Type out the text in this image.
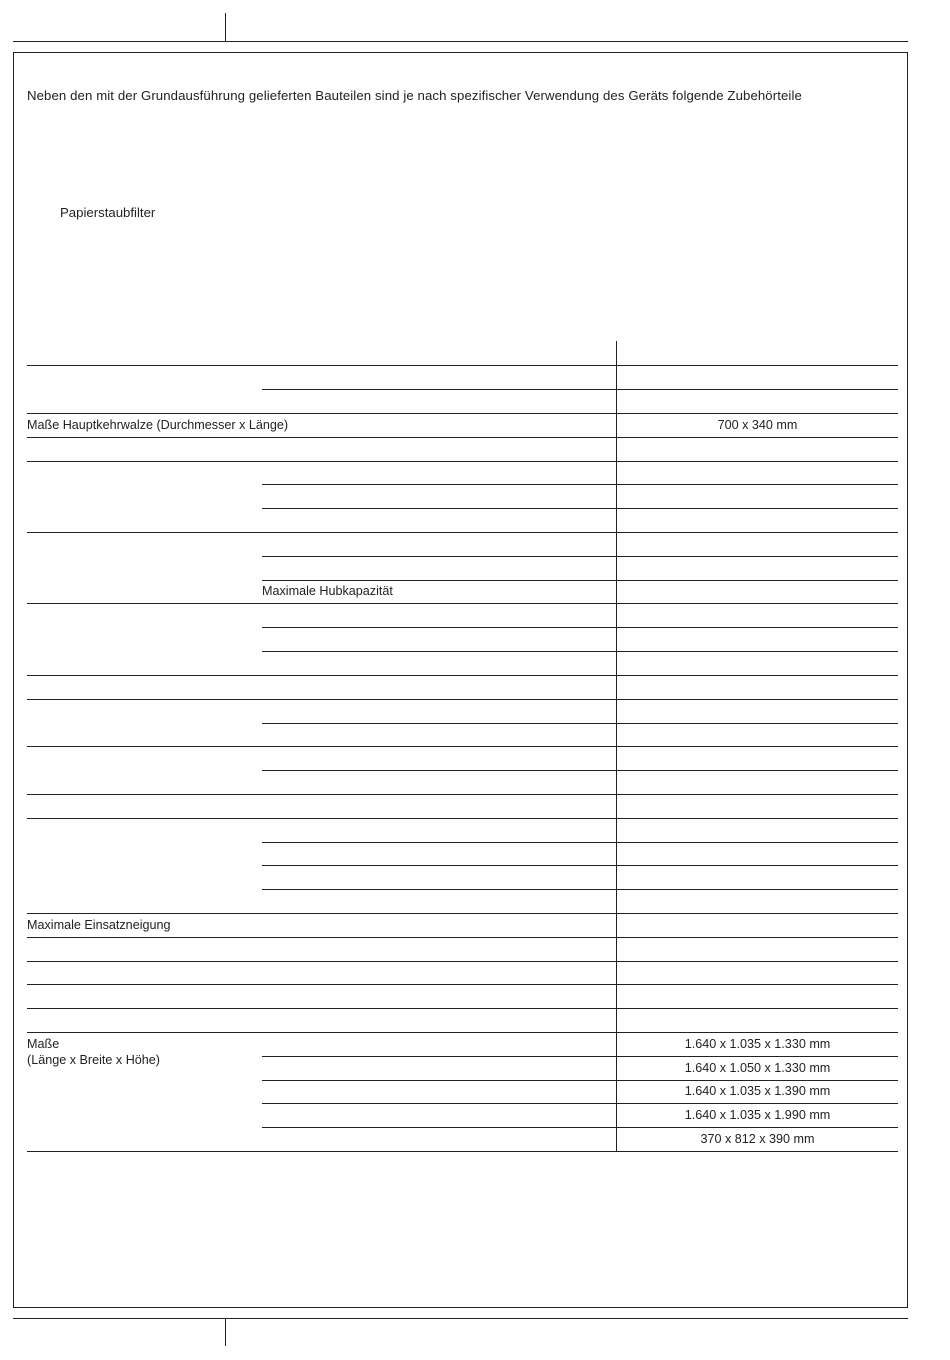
Neben den mit der Grundausführung gelieferten Bauteilen sind je nach spezifischer Verwendung des Geräts folgende Zubehörteile
Papierstaubfilter
Maße Hauptkehrwalze (Durchmesser x Länge)	700 x 340 mm
Maximale Hubkapazität
Maximale Einsatzneigung
Maße
(Länge x Breite x Höhe)
1.640 x 1.035 x 1.330 mm
1.640 x 1.050 x 1.330 mm
1.640 x 1.035 x 1.390 mm
1.640 x 1.035 x 1.990 mm
370 x 812 x 390 mm
